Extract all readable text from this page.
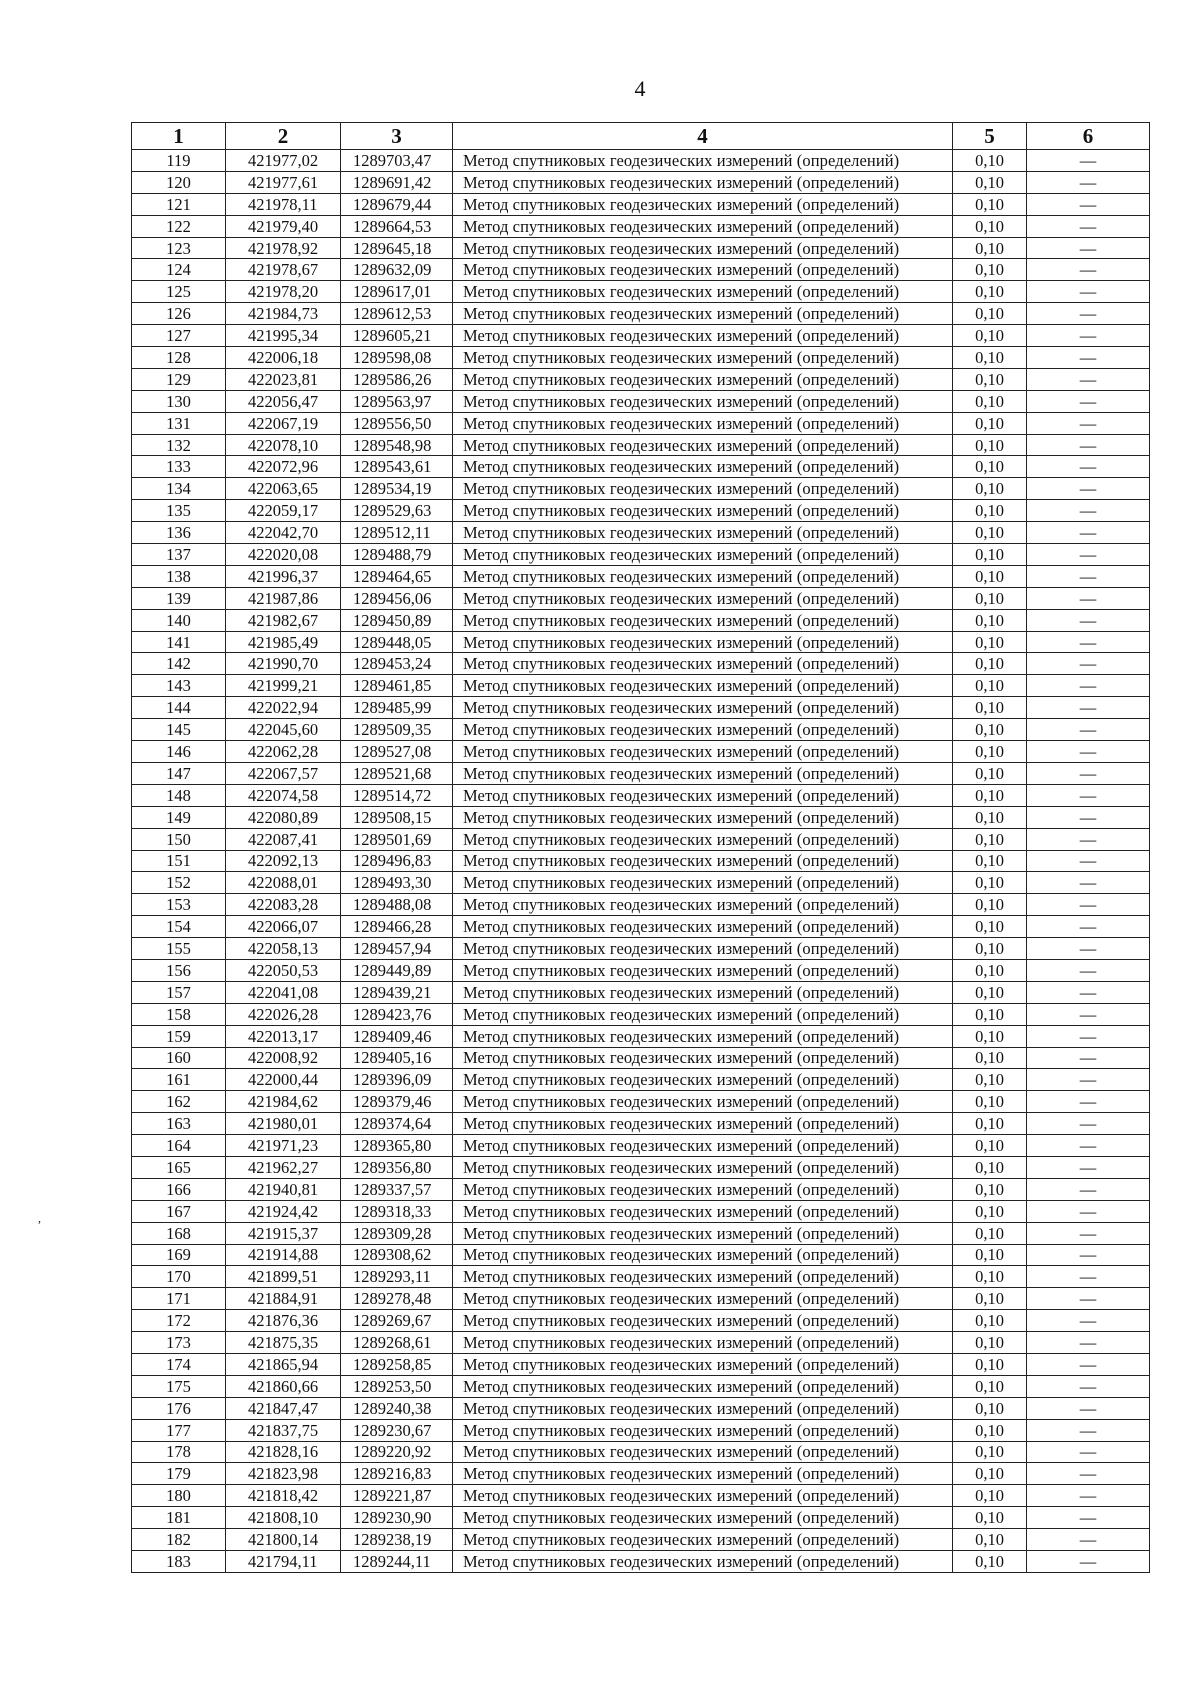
4
1	2	3	4	5	6
119	421977,02	1289703,47	Метод спутниковых геодезических измерений (определений)	0,10	—
120	421977,61	1289691,42	Метод спутниковых геодезических измерений (определений)	0,10	—
121	421978,11	1289679,44	Метод спутниковых геодезических измерений (определений)	0,10	—
122	421979,40	1289664,53	Метод спутниковых геодезических измерений (определений)	0,10	—
123	421978,92	1289645,18	Метод спутниковых геодезических измерений (определений)	0,10	—
124	421978,67	1289632,09	Метод спутниковых геодезических измерений (определений)	0,10	—
125	421978,20	1289617,01	Метод спутниковых геодезических измерений (определений)	0,10	—
126	421984,73	1289612,53	Метод спутниковых геодезических измерений (определений)	0,10	—
127	421995,34	1289605,21	Метод спутниковых геодезических измерений (определений)	0,10	—
128	422006,18	1289598,08	Метод спутниковых геодезических измерений (определений)	0,10	—
129	422023,81	1289586,26	Метод спутниковых геодезических измерений (определений)	0,10	—
130	422056,47	1289563,97	Метод спутниковых геодезических измерений (определений)	0,10	—
131	422067,19	1289556,50	Метод спутниковых геодезических измерений (определений)	0,10	—
132	422078,10	1289548,98	Метод спутниковых геодезических измерений (определений)	0,10	—
133	422072,96	1289543,61	Метод спутниковых геодезических измерений (определений)	0,10	—
134	422063,65	1289534,19	Метод спутниковых геодезических измерений (определений)	0,10	—
135	422059,17	1289529,63	Метод спутниковых геодезических измерений (определений)	0,10	—
136	422042,70	1289512,11	Метод спутниковых геодезических измерений (определений)	0,10	—
137	422020,08	1289488,79	Метод спутниковых геодезических измерений (определений)	0,10	—
138	421996,37	1289464,65	Метод спутниковых геодезических измерений (определений)	0,10	—
139	421987,86	1289456,06	Метод спутниковых геодезических измерений (определений)	0,10	—
140	421982,67	1289450,89	Метод спутниковых геодезических измерений (определений)	0,10	—
141	421985,49	1289448,05	Метод спутниковых геодезических измерений (определений)	0,10	—
142	421990,70	1289453,24	Метод спутниковых геодезических измерений (определений)	0,10	—
143	421999,21	1289461,85	Метод спутниковых геодезических измерений (определений)	0,10	—
144	422022,94	1289485,99	Метод спутниковых геодезических измерений (определений)	0,10	—
145	422045,60	1289509,35	Метод спутниковых геодезических измерений (определений)	0,10	—
146	422062,28	1289527,08	Метод спутниковых геодезических измерений (определений)	0,10	—
147	422067,57	1289521,68	Метод спутниковых геодезических измерений (определений)	0,10	—
148	422074,58	1289514,72	Метод спутниковых геодезических измерений (определений)	0,10	—
149	422080,89	1289508,15	Метод спутниковых геодезических измерений (определений)	0,10	—
150	422087,41	1289501,69	Метод спутниковых геодезических измерений (определений)	0,10	—
151	422092,13	1289496,83	Метод спутниковых геодезических измерений (определений)	0,10	—
152	422088,01	1289493,30	Метод спутниковых геодезических измерений (определений)	0,10	—
153	422083,28	1289488,08	Метод спутниковых геодезических измерений (определений)	0,10	—
154	422066,07	1289466,28	Метод спутниковых геодезических измерений (определений)	0,10	—
155	422058,13	1289457,94	Метод спутниковых геодезических измерений (определений)	0,10	—
156	422050,53	1289449,89	Метод спутниковых геодезических измерений (определений)	0,10	—
157	422041,08	1289439,21	Метод спутниковых геодезических измерений (определений)	0,10	—
158	422026,28	1289423,76	Метод спутниковых геодезических измерений (определений)	0,10	—
159	422013,17	1289409,46	Метод спутниковых геодезических измерений (определений)	0,10	—
160	422008,92	1289405,16	Метод спутниковых геодезических измерений (определений)	0,10	—
161	422000,44	1289396,09	Метод спутниковых геодезических измерений (определений)	0,10	—
162	421984,62	1289379,46	Метод спутниковых геодезических измерений (определений)	0,10	—
163	421980,01	1289374,64	Метод спутниковых геодезических измерений (определений)	0,10	—
164	421971,23	1289365,80	Метод спутниковых геодезических измерений (определений)	0,10	—
165	421962,27	1289356,80	Метод спутниковых геодезических измерений (определений)	0,10	—
166	421940,81	1289337,57	Метод спутниковых геодезических измерений (определений)	0,10	—
167	421924,42	1289318,33	Метод спутниковых геодезических измерений (определений)	0,10	—
168	421915,37	1289309,28	Метод спутниковых геодезических измерений (определений)	0,10	—
169	421914,88	1289308,62	Метод спутниковых геодезических измерений (определений)	0,10	—
170	421899,51	1289293,11	Метод спутниковых геодезических измерений (определений)	0,10	—
171	421884,91	1289278,48	Метод спутниковых геодезических измерений (определений)	0,10	—
172	421876,36	1289269,67	Метод спутниковых геодезических измерений (определений)	0,10	—
173	421875,35	1289268,61	Метод спутниковых геодезических измерений (определений)	0,10	—
174	421865,94	1289258,85	Метод спутниковых геодезических измерений (определений)	0,10	—
175	421860,66	1289253,50	Метод спутниковых геодезических измерений (определений)	0,10	—
176	421847,47	1289240,38	Метод спутниковых геодезических измерений (определений)	0,10	—
177	421837,75	1289230,67	Метод спутниковых геодезических измерений (определений)	0,10	—
178	421828,16	1289220,92	Метод спутниковых геодезических измерений (определений)	0,10	—
179	421823,98	1289216,83	Метод спутниковых геодезических измерений (определений)	0,10	—
180	421818,42	1289221,87	Метод спутниковых геодезических измерений (определений)	0,10	—
181	421808,10	1289230,90	Метод спутниковых геодезических измерений (определений)	0,10	—
182	421800,14	1289238,19	Метод спутниковых геодезических измерений (определений)	0,10	—
183	421794,11	1289244,11	Метод спутниковых геодезических измерений (определений)	0,10	—
,
